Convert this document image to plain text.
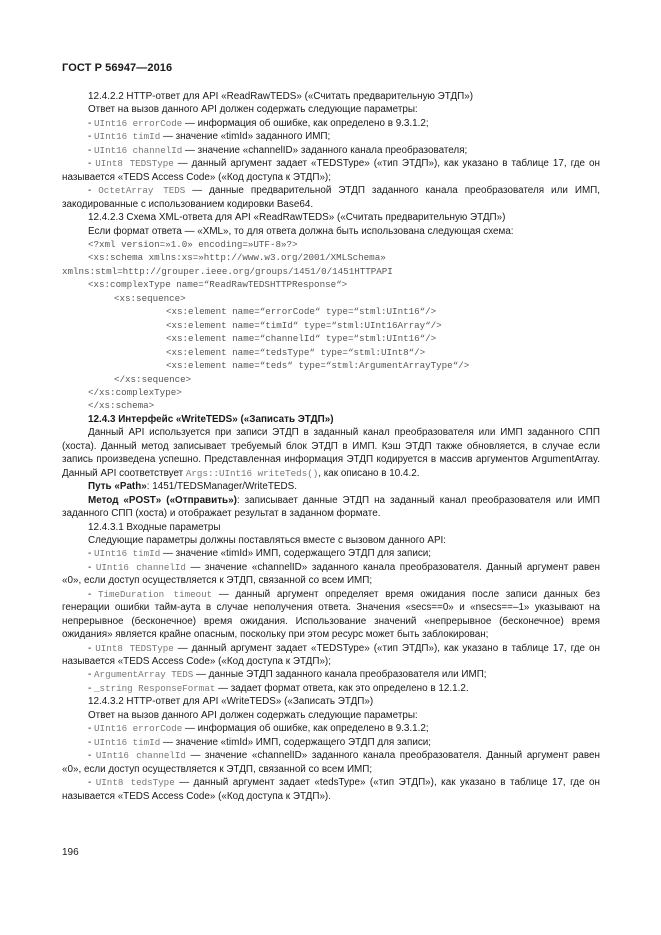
ГОСТ Р 56947—2016

12.4.2.2 HTTP-ответ для API «ReadRawTEDS» («Считать предварительную ЭТДП»)

Ответ на вызов данного API должен содержать следующие параметры:

- UInt16 errorCode — информация об ошибке, как определено в 9.3.1.2;

- UInt16 timId — значение «timId» заданного ИМП;

- UInt16 channelId — значение «channelID» заданного канала преобразователя;

- UInt8 TEDSType — данный аргумент задает «TEDSType» («тип ЭТДП»), как указано в таблице 17, где он называется «TEDS Access Code» («Код доступа к ЭТДП»);

- OctetArray TEDS — данные предварительной ЭТДП заданного канала преобразователя или ИМП, закодированные с использованием кодировки Base64.

12.4.2.3 Схема XML-ответа для API «ReadRawTEDS» («Считать предварительную ЭТДП»)

Если формат ответа — «XML», то для ответа должна быть использована следующая схема:

<?xml version=»1.0» encoding=»UTF-8»?>

<xs:schema xmlns:xs=»http://www.w3.org/2001/XMLSchema»

xmlns:stml=http://grouper.ieee.org/groups/1451/0/1451HTTPAPI

<xs:complexType name=“ReadRawTEDSHTTPResponse“>

<xs:sequence>

<xs:element name=“errorCode“ type=“stml:UInt16“/>

<xs:element name=“timId“ type=“stml:UInt16Array“/>

<xs:element name=“channelId“ type=“stml:UInt16“/>

<xs:element name=“tedsType“ type=“stml:UInt8“/>

<xs:element name=“teds“ type=“stml:ArgumentArrayType“/>

</xs:sequence>

</xs:complexType>

</xs:schema>

12.4.3 Интерфейс «WriteTEDS» («Записать ЭТДП»)

Данный API используется при записи ЭТДП в заданный канал преобразователя или ИМП заданного СПП (хоста). Данный метод записывает требуемый блок ЭТДП в ИМП. Кэш ЭТДП также обновляется, в случае если запись произведена успешно. Представленная информация ЭТДП кодируется в массив аргументов ArgumentArray. Данный API соответствует Args::UInt16 writeTeds(), как описано в 10.4.2.

Путь «Path»: 1451/TEDSManager/WriteTEDS.

Метод «POST» («Отправить»): записывает данные ЭТДП на заданный канал преобразователя или ИМП заданного СПП (хоста) и отображает результат в заданном формате.

12.4.3.1 Входные параметры

Следующие параметры должны поставляться вместе с вызовом данного API:

- UInt16 timId — значение «timId» ИМП, содержащего ЭТДП для записи;

- UInt16 channelId — значение «channelID» заданного канала преобразователя. Данный аргумент равен «0», если доступ осуществляется к ЭТДП, связанной со всем ИМП;

- TimeDuration timeout — данный аргумент определяет время ожидания после записи данных без генерации ошибки тайм-аута в случае неполучения ответа. Значения «secs==0» и «nsecs==–1» указывают на непрерывное (бесконечное) время ожидания. Использование значений «непрерывное (бесконечное) время ожидания» является крайне опасным, поскольку при этом ресурс может быть заблокирован;

- UInt8 TEDSType — данный аргумент задает «TEDSType» («тип ЭТДП»), как указано в таблице 17, где он называется «TEDS Access Code» («Код доступа к ЭТДП»);

- ArgumentArray TEDS — данные ЭТДП заданного канала преобразователя или ИМП;

- _string ResponseFormat — задает формат ответа, как это определено в 12.1.2.

12.4.3.2 HTTP-ответ для API «WriteTEDS» («Записать ЭТДП»)

Ответ на вызов данного API должен содержать следующие параметры:

- UInt16 errorCode — информация об ошибке, как определено в 9.3.1.2;

- UInt16 timId — значение «timId» ИМП, содержащего ЭТДП для записи;

- UInt16 channelId — значение «channelID» заданного канала преобразователя. Данный аргумент равен «0», если доступ осуществляется к ЭТДП, связанной со всем ИМП;

- UInt8 tedsType — данный аргумент задает «tedsType» («тип ЭТДП»), как указано в таблице 17, где он называется «TEDS Access Code» («Код доступа к ЭТДП»).

196
